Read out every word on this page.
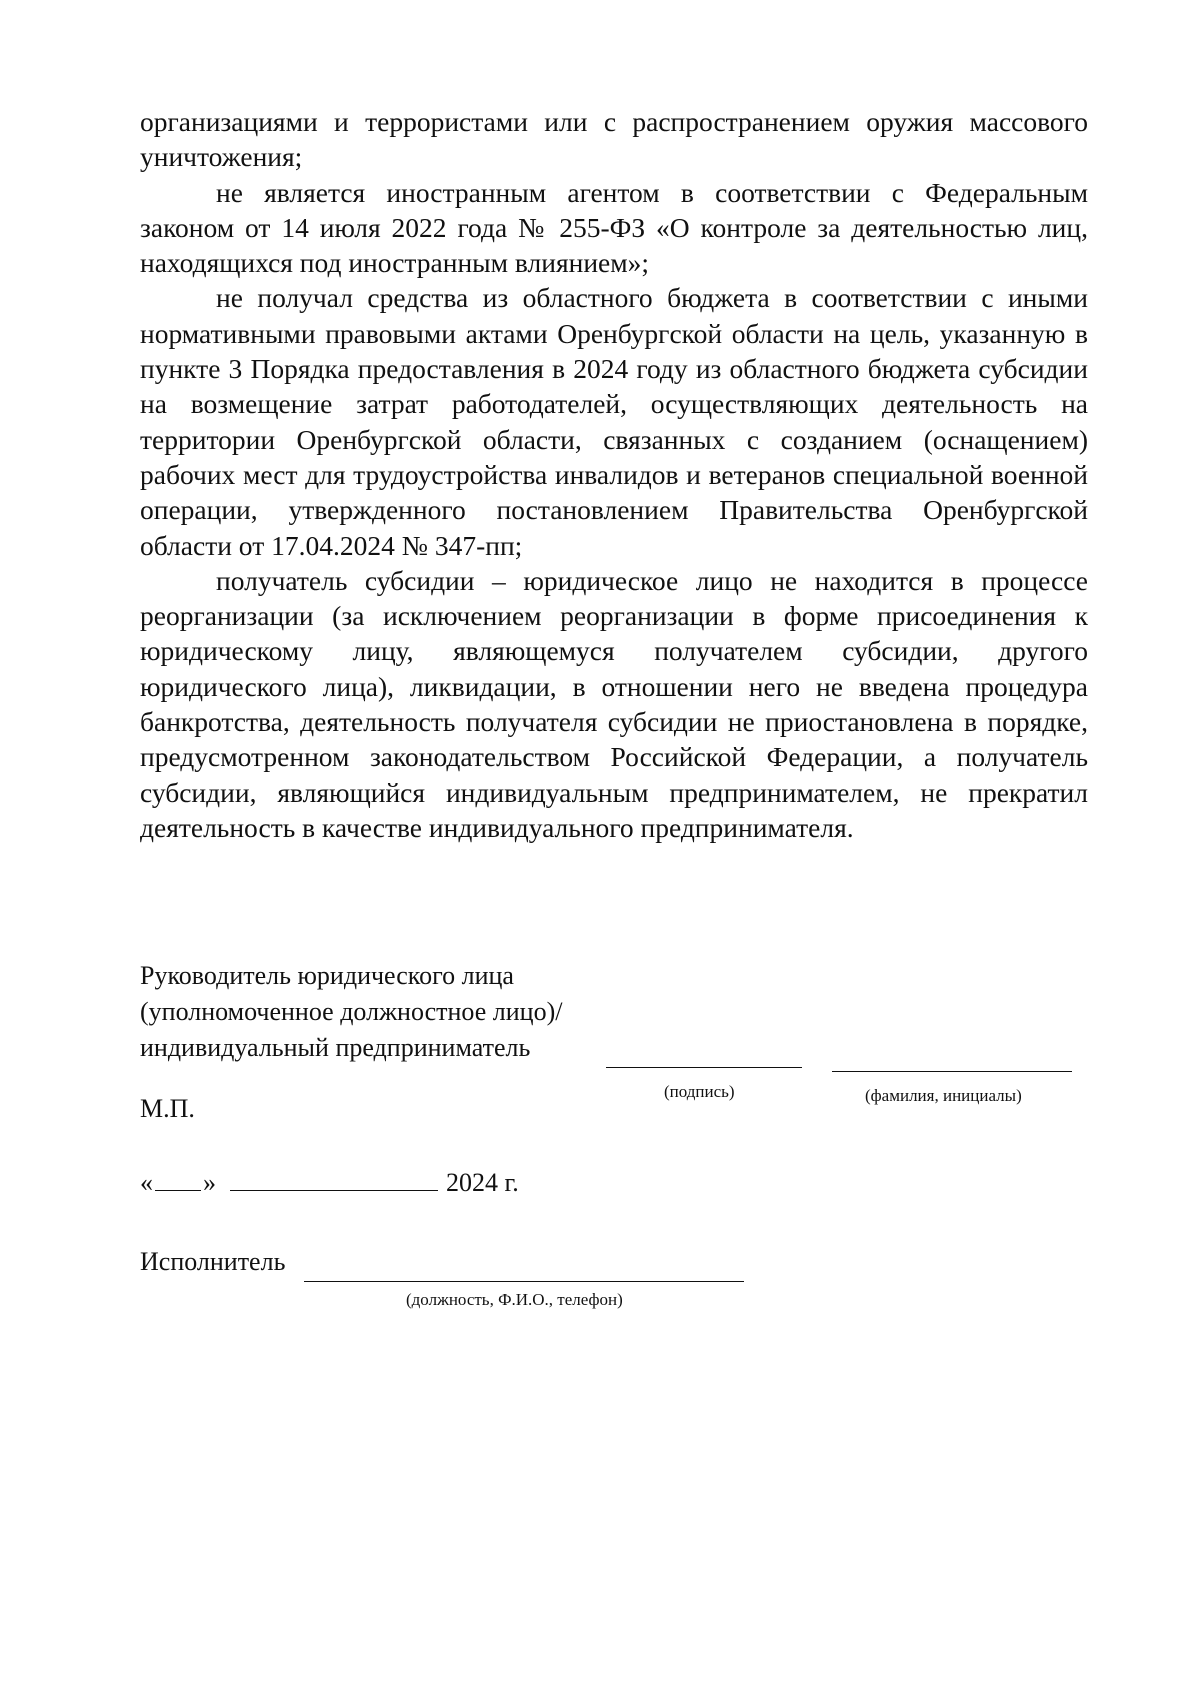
организациями и террористами или с распространением оружия массового уничтожения;

не является иностранным агентом в соответствии с Федеральным законом от 14 июля 2022 года № 255-ФЗ «О контроле за деятельностью лиц, находящихся под иностранным влиянием»;

не получал средства из областного бюджета в соответствии с иными нормативными правовыми актами Оренбургской области на цель, указанную в пункте 3 Порядка предоставления в 2024 году из областного бюджета субсидии на возмещение затрат работодателей, осуществляющих деятельность на территории Оренбургской области, связанных с созданием (оснащением) рабочих мест для трудоустройства инвалидов и ветеранов специальной военной операции, утвержденного постановлением Правительства Оренбургской области от 17.04.2024 № 347-пп;

получатель субсидии – юридическое лицо не находится в процессе реорганизации (за исключением реорганизации в форме присоединения к юридическому лицу, являющемуся получателем субсидии, другого юридического лица), ликвидации, в отношении него не введена процедура банкротства, деятельность получателя субсидии не приостановлена в порядке, предусмотренном законодательством Российской Федерации, а получатель субсидии, являющийся индивидуальным предпринимателем, не прекратил деятельность в качестве индивидуального предпринимателя.

Руководитель юридического лица
(уполномоченное должностное лицо)/
индивидуальный предприниматель
(подпись)	(фамилия, инициалы)
М.П.
« »	2024 г.
Исполнитель
(должность, Ф.И.О., телефон)
